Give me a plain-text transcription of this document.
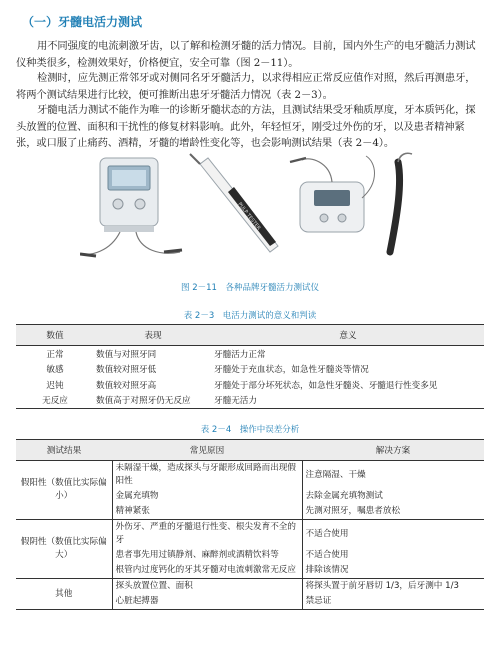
（一）牙髓电活力测试

用不同强度的电流刺激牙齿，以了解和检测牙髓的活力情况。目前，国内外生产的电牙髓活力测试仪种类很多，检测效果好，价格便宜，安全可靠（图 2－11）。

检测时，应先测正常邻牙或对侧同名牙牙髓活力，以求得相应正常反应值作对照，然后再测患牙，将两个测试结果进行比较，便可推断出患牙牙髓活力情况（表 2－3）。

牙髓电活力测试不能作为唯一的诊断牙髓状态的方法，且测试结果受牙釉质厚度，牙本质钙化，探头放置的位置、面积和干扰性的修复材料影响。此外，年轻恒牙，刚受过外伤的牙，以及患者精神紧张，或口服了止痛药、酒精，牙髓的增龄性变化等，也会影响测试结果（表 2－4）。

PULP TESTER
图 2－11　各种品牌牙髓活力测试仪
表 2－3　电活力测试的意义和判读
数值	表现	意义
正常	数值与对照牙同	牙髓活力正常
敏感	数值较对照牙低	牙髓处于充血状态，如急性牙髓炎等情况
迟钝	数值较对照牙高	牙髓处于部分坏死状态，如急性牙髓炎、牙髓退行性变多见
无反应	数值高于对照牙仍无反应	牙髓无活力
表 2－4　操作中误差分析
测试结果	常见原因	解决方案
假阳性（数值比实际偏小）	未隔湿干燥，造成探头与牙龈形成回路而出现假阳性	注意隔湿、干燥
	金属充填物	去除金属充填物测试
	精神紧张	先测对照牙，嘱患者放松
假阴性（数值比实际偏大）	外伤牙、严重的牙髓退行性变、根尖发育不全的牙	不适合使用
	患者事先用过镇静剂、麻醉剂或酒精饮料等	不适合使用
	根管内过度钙化的牙其牙髓对电流刺激常无反应	排除该情况
其他	探头放置位置、面积	将探头置于前牙唇切 1/3，后牙测中 1/3
	心脏起搏器	禁忌证
